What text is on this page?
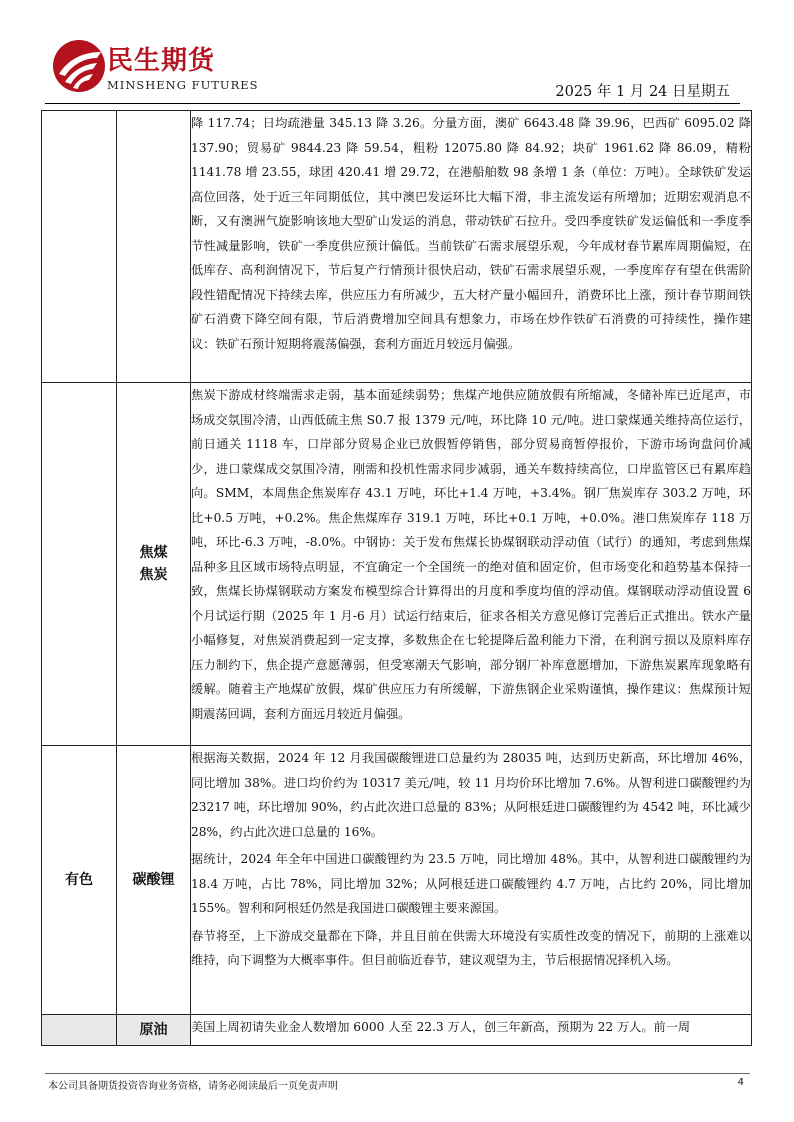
民生期货
MINSHENG FUTURES	2025 年 1 月 24 日星期五

		降 117.74；日均疏港量 345.13 降 3.26。分量方面，澳矿 6643.48 降 39.96，巴西矿 6095.02 降 137.90；贸易矿 9844.23 降 59.54，粗粉 12075.80 降 84.92；块矿 1961.62 降 86.09，精粉 1141.78 增 23.55，球团 420.41 增 29.72，在港船舶数 98 条增 1 条（单位：万吨）。全球铁矿发运高位回落，处于近三年同期低位，其中澳巴发运环比大幅下滑，非主流发运有所增加；近期宏观消息不断，又有澳洲气旋影响该地大型矿山发运的消息，带动铁矿石拉升。受四季度铁矿发运偏低和一季度季节性减量影响，铁矿一季度供应预计偏低。当前铁矿石需求展望乐观，今年成材春节累库周期偏短，在低库存、高利润情况下，节后复产行情预计很快启动，铁矿石需求展望乐观，一季度库存有望在供需阶段性错配情况下持续去库，供应压力有所减少，五大材产量小幅回升，消费环比上涨，预计春节期间铁矿石消费下降空间有限，节后消费增加空间具有想象力，市场在炒作铁矿石消费的可持续性，操作建议：铁矿石预计短期将震荡偏强，套利方面近月较远月偏强。

	焦煤
焦炭	焦炭下游成材终端需求走弱，基本面延续弱势；焦煤产地供应随放假有所缩减，冬储补库已近尾声，市场成交氛围冷清，山西低硫主焦 S0.7 报 1379 元/吨，环比降 10 元/吨。进口蒙煤通关维持高位运行，前日通关 1118 车，口岸部分贸易企业已放假暂停销售，部分贸易商暂停报价，下游市场询盘问价减少，进口蒙煤成交氛围冷清，刚需和投机性需求同步减弱，通关车数持续高位，口岸监管区已有累库趋向。SMM，本周焦企焦炭库存 43.1 万吨，环比+1.4 万吨，+3.4%。钢厂焦炭库存 303.2 万吨，环比+0.5 万吨，+0.2%。焦企焦煤库存 319.1 万吨，环比+0.1 万吨，+0.0%。港口焦炭库存 118 万吨，环比-6.3 万吨，-8.0%。中钢协：关于发布焦煤长协煤钢联动浮动值（试行）的通知，考虑到焦煤品种多且区域市场特点明显，不宜确定一个全国统一的绝对值和固定价，但市场变化和趋势基本保持一致，焦煤长协煤钢联动方案发布模型综合计算得出的月度和季度均值的浮动值。煤钢联动浮动值设置 6 个月试运行期（2025 年 1 月-6 月）试运行结束后，征求各相关方意见修订完善后正式推出。铁水产量小幅修复，对焦炭消费起到一定支撑，多数焦企在七轮提降后盈利能力下滑，在利润亏损以及原料库存压力制约下，焦企提产意愿薄弱，但受寒潮天气影响，部分钢厂补库意愿增加，下游焦炭累库现象略有缓解。随着主产地煤矿放假，煤矿供应压力有所缓解，下游焦钢企业采购谨慎，操作建议：焦煤预计短期震荡回调，套利方面远月较近月偏强。

有色	碳酸锂	根据海关数据，2024 年 12 月我国碳酸锂进口总量约为 28035 吨，达到历史新高，环比增加 46%，同比增加 38%。进口均价约为 10317 美元/吨，较 11 月均价环比增加 7.6%。从智利进口碳酸锂约为 23217 吨，环比增加 90%，约占此次进口总量的 83%；从阿根廷进口碳酸锂约为 4542 吨，环比减少 28%，约占此次进口总量的 16%。

据统计，2024 年全年中国进口碳酸锂约为 23.5 万吨，同比增加 48%。其中，从智利进口碳酸锂约为 18.4 万吨，占比 78%，同比增加 32%；从阿根廷进口碳酸锂约 4.7 万吨，占比约 20%，同比增加 155%。智利和阿根廷仍然是我国进口碳酸锂主要来源国。

春节将至，上下游成交量都在下降，并且目前在供需大环境没有实质性改变的情况下，前期的上涨难以维持，向下调整为大概率事件。但目前临近春节，建议观望为主，节后根据情况择机入场。

	原油	美国上周初请失业金人数增加 6000 人至 22.3 万人，创三年新高，预期为 22 万人。前一周

本公司具备期货投资咨询业务资格，请务必阅读最后一页免责声明	4
